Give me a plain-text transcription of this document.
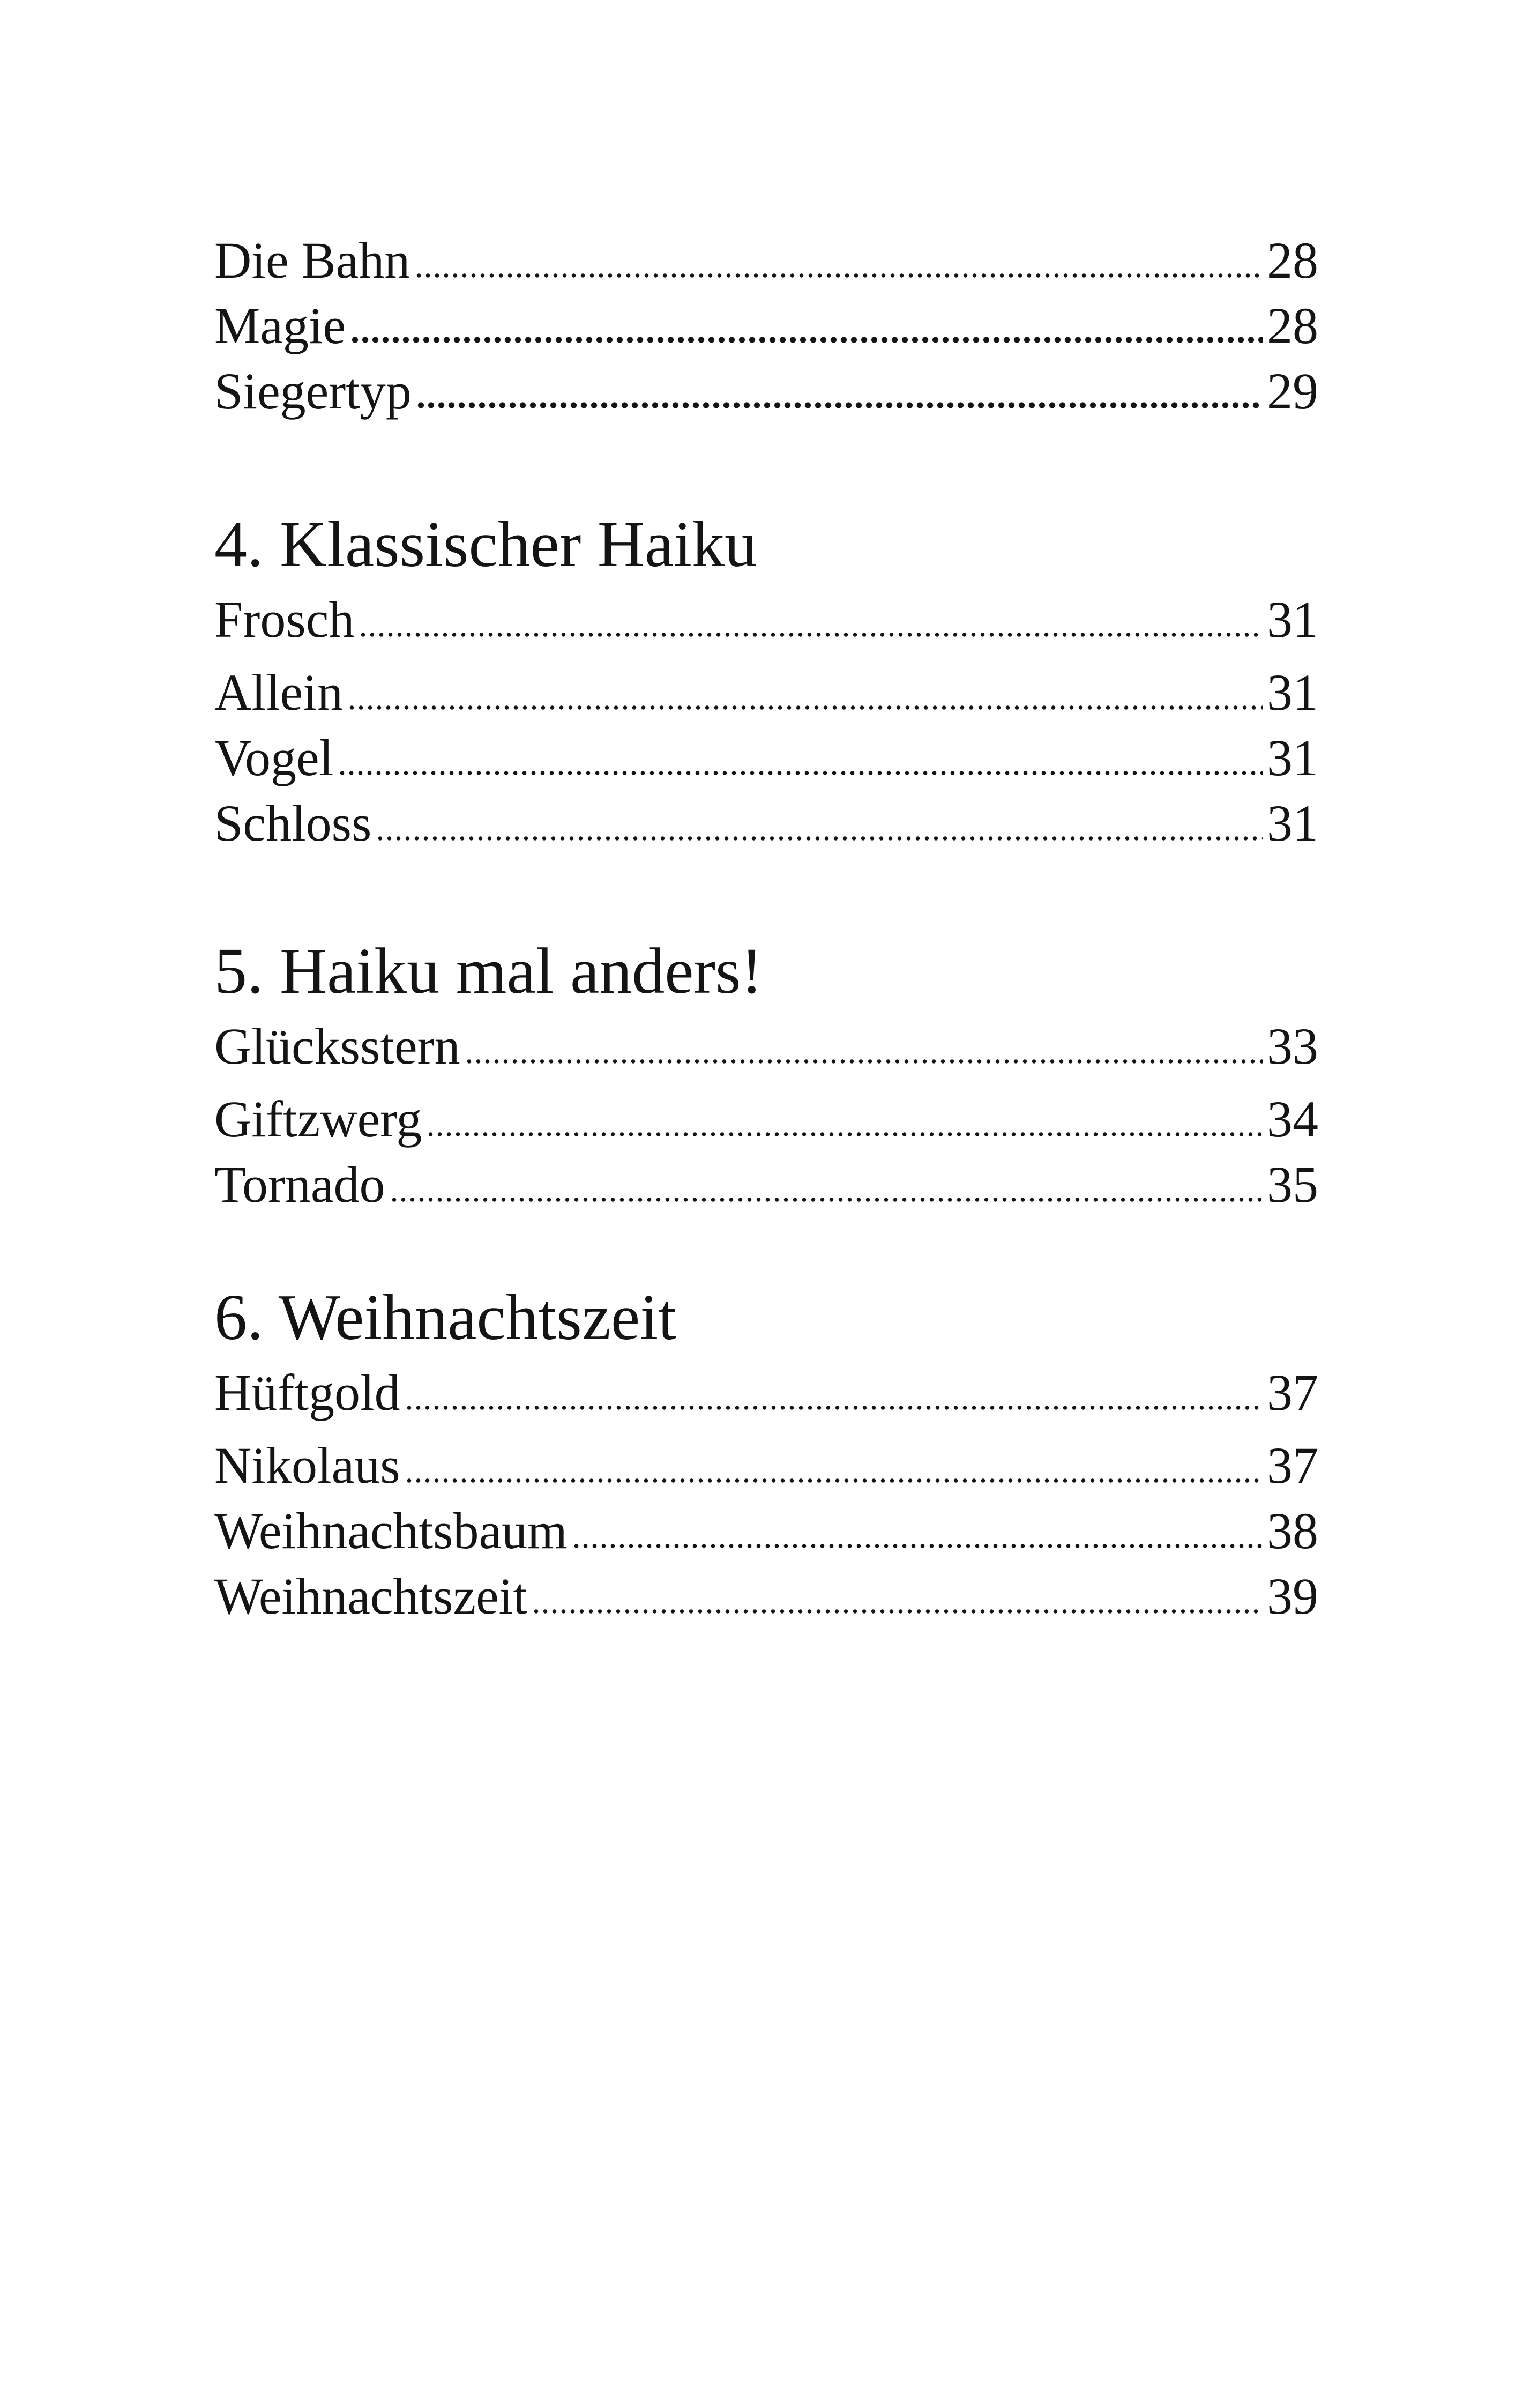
Die Bahn	28
Magie	28
Siegertyp	29
4. Klassischer Haiku
Frosch	31
Allein	31
Vogel	31
Schloss	31
5. Haiku mal anders!
Glücksstern	33
Giftzwerg	34
Tornado	35
6. Weihnachtszeit
Hüftgold	37
Nikolaus	37
Weihnachtsbaum	38
Weihnachtszeit	39
